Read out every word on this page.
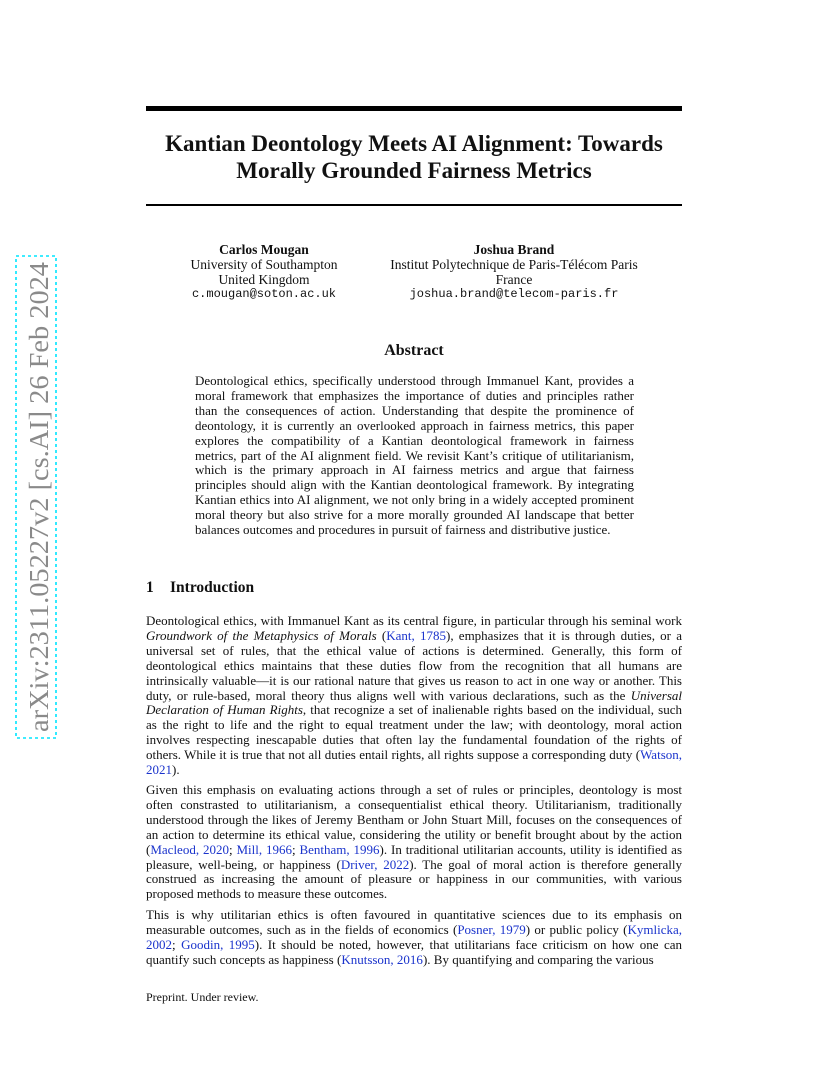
arXiv:2311.05227v2 [cs.AI] 26 Feb 2024
Kantian Deontology Meets AI Alignment: Towards
Morally Grounded Fairness Metrics
Carlos Mougan
University of Southampton
United Kingdom
c.mougan@soton.ac.uk
Joshua Brand
Institut Polytechnique de Paris-Télécom Paris
France
joshua.brand@telecom-paris.fr
Abstract
Deontological ethics, specifically understood through Immanuel Kant, provides a moral framework that emphasizes the importance of duties and principles rather than the consequences of action. Understanding that despite the prominence of deontology, it is currently an overlooked approach in fairness metrics, this paper explores the compatibility of a Kantian deontological framework in fairness metrics, part of the AI alignment field. We revisit Kant’s critique of utilitarianism, which is the primary approach in AI fairness metrics and argue that fairness principles should align with the Kantian deontological framework. By integrating Kantian ethics into AI alignment, we not only bring in a widely accepted prominent moral theory but also strive for a more morally grounded AI landscape that better balances outcomes and procedures in pursuit of fairness and distributive justice.
1 Introduction
Deontological ethics, with Immanuel Kant as its central figure, in particular through his seminal work Groundwork of the Metaphysics of Morals (Kant, 1785), emphasizes that it is through duties, or a universal set of rules, that the ethical value of actions is determined. Generally, this form of deontological ethics maintains that these duties flow from the recognition that all humans are intrinsically valuable—it is our rational nature that gives us reason to act in one way or another. This duty, or rule-based, moral theory thus aligns well with various declarations, such as the Universal Declaration of Human Rights, that recognize a set of inalienable rights based on the individual, such as the right to life and the right to equal treatment under the law; with deontology, moral action involves respecting inescapable duties that often lay the fundamental foundation of the rights of others. While it is true that not all duties entail rights, all rights suppose a corresponding duty (Watson, 2021).
Given this emphasis on evaluating actions through a set of rules or principles, deontology is most often constrasted to utilitarianism, a consequentialist ethical theory. Utilitarianism, traditionally understood through the likes of Jeremy Bentham or John Stuart Mill, focuses on the consequences of an action to determine its ethical value, considering the utility or benefit brought about by the action (Macleod, 2020; Mill, 1966; Bentham, 1996). In traditional utilitarian accounts, utility is identified as pleasure, well-being, or happiness (Driver, 2022). The goal of moral action is therefore generally construed as increasing the amount of pleasure or happiness in our communities, with various proposed methods to measure these outcomes.
This is why utilitarian ethics is often favoured in quantitative sciences due to its emphasis on measurable outcomes, such as in the fields of economics (Posner, 1979) or public policy (Kymlicka, 2002; Goodin, 1995). It should be noted, however, that utilitarians face criticism on how one can quantify such concepts as happiness (Knutsson, 2016). By quantifying and comparing the various
Preprint. Under review.
